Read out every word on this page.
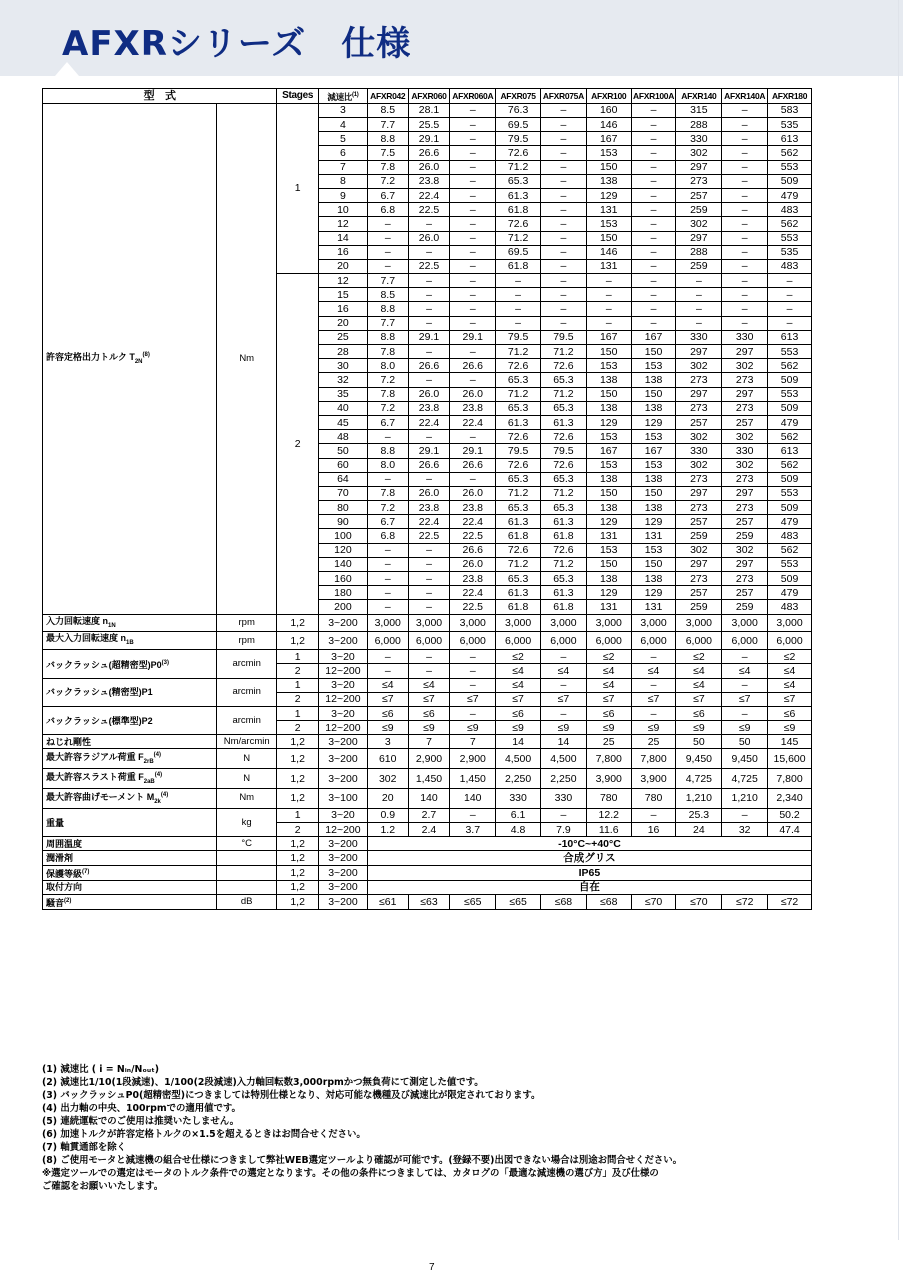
AFXRシリーズ　仕様
型　式		Stages	減速比$^{(1)}$	AFXR042	AFXR060	AFXR060A	AFXR075	AFXR075A	AFXR100	AFXR100A	AFXR140	AFXR140A	AFXR180
許容定格出力トルク $T_{2N}^{(8)}$	Nm	1	3	8.5	28.1	–	76.3	–	160	–	315	–	583
			4	7.7	25.5	–	69.5	–	146	–	288	–	535
			5	8.8	29.1	–	79.5	–	167	–	330	–	613
			6	7.5	26.6	–	72.6	–	153	–	302	–	562
			7	7.8	26.0	–	71.2	–	150	–	297	–	553
			8	7.2	23.8	–	65.3	–	138	–	273	–	509
			9	6.7	22.4	–	61.3	–	129	–	257	–	479
			10	6.8	22.5	–	61.8	–	131	–	259	–	483
			12	–	–	–	72.6	–	153	–	302	–	562
			14	–	26.0	–	71.2	–	150	–	297	–	553
			16	–	–	–	69.5	–	146	–	288	–	535
			20	–	22.5	–	61.8	–	131	–	259	–	483
		2	12	7.7	–	–	–	–	–	–	–	–	–
			15	8.5	–	–	–	–	–	–	–	–	–
			16	8.8	–	–	–	–	–	–	–	–	–
			20	7.7	–	–	–	–	–	–	–	–	–
			25	8.8	29.1	29.1	79.5	79.5	167	167	330	330	613
			28	7.8	–	–	71.2	71.2	150	150	297	297	553
			30	8.0	26.6	26.6	72.6	72.6	153	153	302	302	562
			32	7.2	–	–	65.3	65.3	138	138	273	273	509
			35	7.8	26.0	26.0	71.2	71.2	150	150	297	297	553
			40	7.2	23.8	23.8	65.3	65.3	138	138	273	273	509
			45	6.7	22.4	22.4	61.3	61.3	129	129	257	257	479
			48	–	–	–	72.6	72.6	153	153	302	302	562
			50	8.8	29.1	29.1	79.5	79.5	167	167	330	330	613
			60	8.0	26.6	26.6	72.6	72.6	153	153	302	302	562
			64	–	–	–	65.3	65.3	138	138	273	273	509
			70	7.8	26.0	26.0	71.2	71.2	150	150	297	297	553
			80	7.2	23.8	23.8	65.3	65.3	138	138	273	273	509
			90	6.7	22.4	22.4	61.3	61.3	129	129	257	257	479
			100	6.8	22.5	22.5	61.8	61.8	131	131	259	259	483
			120	–	–	26.6	72.6	72.6	153	153	302	302	562
			140	–	–	26.0	71.2	71.2	150	150	297	297	553
			160	–	–	23.8	65.3	65.3	138	138	273	273	509
			180	–	–	22.4	61.3	61.3	129	129	257	257	479
			200	–	–	22.5	61.8	61.8	131	131	259	259	483
入力回転速度 $n_{1N}$	rpm	1,2	3~200	3,000	3,000	3,000	3,000	3,000	3,000	3,000	3,000	3,000	3,000
最大入力回転速度 $n_{1B}$	rpm	1,2	3~200	6,000	6,000	6,000	6,000	6,000	6,000	6,000	6,000	6,000	6,000
バックラッシュ(超精密型)P0$^{(3)}$	arcmin	1	3~20	–	–	–	≤2	–	≤2	–	≤2	–	≤2
		2	12~200	–	–	–	≤4	≤4	≤4	≤4	≤4	≤4	≤4
バックラッシュ(精密型)P1	arcmin	1	3~20	≤4	≤4	–	≤4	–	≤4	–	≤4	–	≤4
		2	12~200	≤7	≤7	≤7	≤7	≤7	≤7	≤7	≤7	≤7	≤7
バックラッシュ(標準型)P2	arcmin	1	3~20	≤6	≤6	–	≤6	–	≤6	–	≤6	–	≤6
		2	12~200	≤9	≤9	≤9	≤9	≤9	≤9	≤9	≤9	≤9	≤9
ねじれ剛性	Nm/arcmin	1,2	3~200	3	7	7	14	14	25	25	50	50	145
最大許容ラジアル荷重 $F_{2rB}^{(4)}$	N	1,2	3~200	610	2,900	2,900	4,500	4,500	7,800	7,800	9,450	9,450	15,600
最大許容スラスト荷重 $F_{2aB}^{(4)}$	N	1,2	3~200	302	1,450	1,450	2,250	2,250	3,900	3,900	4,725	4,725	7,800
最大許容曲げモーメント $M_{2k}^{(4)}$	Nm	1,2	3~100	20	140	140	330	330	780	780	1,210	1,210	2,340
重量	kg	1	3~20	0.9	2.7	–	6.1	–	12.2	–	25.3	–	50.2
		2	12~200	1.2	2.4	3.7	4.8	7.9	11.6	16	24	32	47.4
周囲温度	°C	1,2	3~200	-10°C~+40°C									
潤滑剤		1,2	3~200	合成グリス									
保護等級$^{(7)}$		1,2	3~200	IP65									
取付方向		1,2	3~200	自在									
騒音$^{(2)}$	dB	1,2	3~200	≤61	≤63	≤65	≤65	≤68	≤68	≤70	≤70	≤72	≤72
(1) 減速比 ( i = Nᵢₙ/Nₒᵤₜ)
(2) 減速比1/10(1段減速)、1/100(2段減速)入力軸回転数3,000rpmかつ無負荷にて測定した値です。
(3) バックラッシュP0(超精密型)につきましては特別仕様となり、対応可能な機種及び減速比が限定されております。
(4) 出力軸の中央、100rpmでの適用値です。
(5) 連続運転でのご使用は推奨いたしません。
(6) 加速トルクが許容定格トルクの×1.5を超えるときはお問合せください。
(7) 軸貫通部を除く
(8) ご使用モータと減速機の組合せ仕様につきまして弊社WEB選定ツールより確認が可能です。(登録不要)出図できない場合は別途お問合せください。
※選定ツールでの選定はモータのトルク条件での選定となります。その他の条件につきましては、カタログの「最適な減速機の選び方」及び仕様の
ご確認をお願いいたします。
7
